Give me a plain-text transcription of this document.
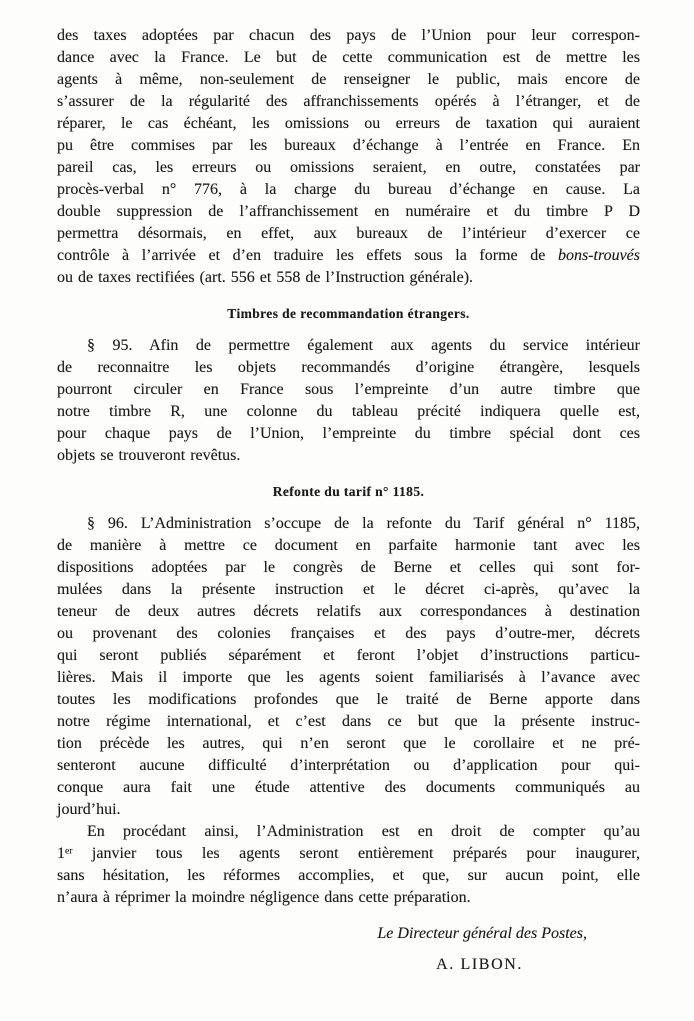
des taxes adoptées par chacun des pays de l’Union pour leur correspon-
dance avec la France. Le but de cette communication est de mettre les
agents à même, non-seulement de renseigner le public, mais encore de
s’assurer de la régularité des affranchissements opérés à l’étranger, et de
réparer, le cas échéant, les omissions ou erreurs de taxation qui auraient
pu être commises par les bureaux d’échange à l’entrée en France. En
pareil cas, les erreurs ou omissions seraient, en outre, constatées par
procès-verbal n° 776, à la charge du bureau d’échange en cause. La
double suppression de l’affranchissement en numéraire et du timbre P D
permettra désormais, en effet, aux bureaux de l’intérieur d’exercer ce
contrôle à l’arrivée et d’en traduire les effets sous la forme de bons-trouvés
ou de taxes rectifiées (art. 556 et 558 de l’Instruction générale).
Timbres de recommandation étrangers.
§ 95. Afin de permettre également aux agents du service intérieur
de reconnaitre les objets recommandés d’origine étrangère, lesquels
pourront circuler en France sous l’empreinte d’un autre timbre que
notre timbre R, une colonne du tableau précité indiquera quelle est,
pour chaque pays de l’Union, l’empreinte du timbre spécial dont ces
objets se trouveront revêtus.
Refonte du tarif n° 1185.
§ 96. L’Administration s’occupe de la refonte du Tarif général n° 1185,
de manière à mettre ce document en parfaite harmonie tant avec les
dispositions adoptées par le congrès de Berne et celles qui sont for-
mulées dans la présente instruction et le décret ci-après, qu’avec la
teneur de deux autres décrets relatifs aux correspondances à destination
ou provenant des colonies françaises et des pays d’outre-mer, décrets
qui seront publiés séparément et feront l’objet d’instructions particu-
lières. Mais il importe que les agents soient familiarisés à l’avance avec
toutes les modifications profondes que le traité de Berne apporte dans
notre régime international, et c’est dans ce but que la présente instruc-
tion précède les autres, qui n’en seront que le corollaire et ne pré-
senteront aucune difficulté d’interprétation ou d’application pour qui-
conque aura fait une étude attentive des documents communiqués au
jourd’hui.
En procédant ainsi, l’Administration est en droit de compter qu’au
1er janvier tous les agents seront entièrement préparés pour inaugurer,
sans hésitation, les réformes accomplies, et que, sur aucun point, elle
n’aura à réprimer la moindre négligence dans cette préparation.
Le Directeur général des Postes,
A. LIBON.
